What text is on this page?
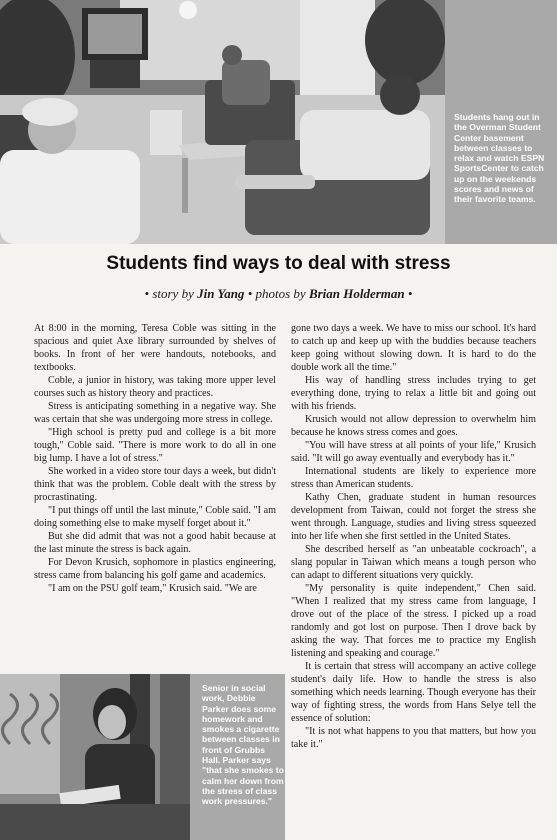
Students hang out in the Overman Student Center basement between classes to relax and watch ESPN SportsCenter to catch up on the weekends scores and news of their favorite teams.
Students find ways to deal with stress
• story by Jin Yang • photos by Brian Holderman •

At 8:00 in the morning, Teresa Coble was sitting in the spacious and quiet Axe library surrounded by shelves of books. In front of her were handouts, notebooks, and textbooks.

Coble, a junior in history, was taking more upper level courses such as history theory and practices.

Stress is anticipating something in a negative way. She was certain that she was undergoing more stress in college.

"High school is pretty pud and college is a bit more tough," Coble said. "There is more work to do all in one big lump. I have a lot of stress."

She worked in a video store tour days a week, but didn't think that was the problem. Coble dealt with the stress by procrastinating.

"I put things off until the last minute," Coble said. "I am doing something else to make myself forget about it."

But she did admit that was not a good habit because at the last minute the stress is back again.

For Devon Krusich, sophomore in plastics engineering, stress came from balancing his golf game and academics.

"I am on the PSU golf team," Krusich said. "We are

gone two days a week. We have to miss our school. It's hard to catch up and keep up with the buddies because teachers keep going without slowing down. It is hard to do the double work all the time."

His way of handling stress includes trying to get everything done, trying to relax a little bit and going out with his friends.

Krusich would not allow depression to overwhelm him because he knows stress comes and goes.

"You will have stress at all points of your life," Krusich said. "It will go away eventually and everybody has it."

International students are likely to experience more stress than American students.

Kathy Chen, graduate student in human resources development from Taiwan, could not forget the stress she went through. Language, studies and living stress squeezed into her life when she first settled in the United States.

She described herself as "an unbeatable cockroach", a slang popular in Taiwan which means a tough person who can adapt to different situations very quickly.

"My personality is quite independent," Chen said. "When I realized that my stress came from language, I drove out of the place of the stress. I picked up a road randomly and got lost on purpose. Then I drove back by asking the way. That forces me to practice my English listening and speaking and courage."

It is certain that stress will accompany an active college student's daily life. How to handle the stress is also something which needs learning. Though everyone has their way of fighting stress, the words from Hans Selye tell the essence of solution:

"It is not what happens to you that matters, but how you take it."

Senior in social work, Debbie Parker does some homework and smokes a cigarette between classes in front of Grubbs Hall. Parker says "that she smokes to calm her down from the stress of class work pressures."
